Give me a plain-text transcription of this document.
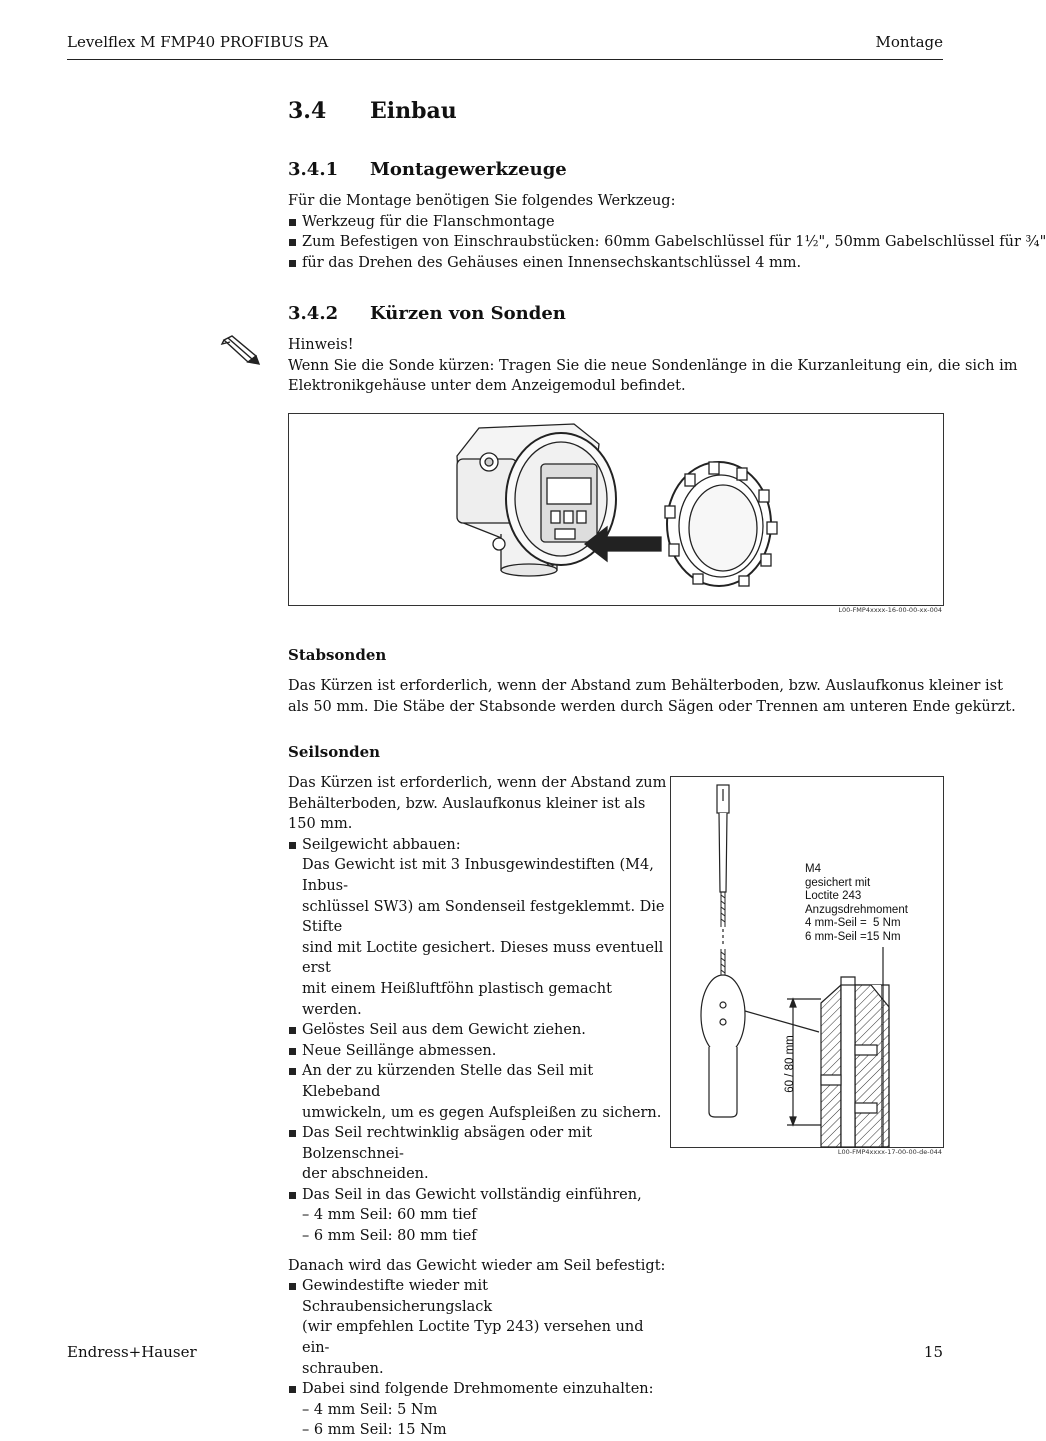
Levelflex M FMP40 PROFIBUS PA	Montage
3.4 Einbau
3.4.1 Montagewerkzeuge
Für die Montage benötigen Sie folgendes Werkzeug:
Werkzeug für die Flanschmontage
Zum Befestigen von Einschraubstücken: 60mm Gabelschlüssel für 1½", 50mm Gabelschlüssel für ¾"
für das Drehen des Gehäuses einen Innensechskantschlüssel 4 mm.
3.4.2 Kürzen von Sonden
Hinweis!
Wenn Sie die Sonde kürzen: Tragen Sie die neue Sondenlänge in die Kurzanleitung ein, die sich im
Elektronikgehäuse unter dem Anzeigemodul befindet.
L00-FMP4xxxx-16-00-00-xx-004
Stabsonden
Das Kürzen ist erforderlich, wenn der Abstand zum Behälterboden, bzw. Auslaufkonus kleiner ist
als 50 mm. Die Stäbe der Stabsonde werden durch Sägen oder Trennen am unteren Ende gekürzt.
Seilsonden
Das Kürzen ist erforderlich, wenn der Abstand zum
Behälterboden, bzw. Auslaufkonus kleiner ist als
150 mm.
Seilgewicht abbauen:
Das Gewicht ist mit 3 Inbusgewindestiften (M4, Inbus-
schlüssel SW3) am Sondenseil festgeklemmt. Die Stifte
sind mit Loctite gesichert. Dieses muss eventuell erst
mit einem Heißluftföhn plastisch gemacht werden.
Gelöstes Seil aus dem Gewicht ziehen.
Neue Seillänge abmessen.
An der zu kürzenden Stelle das Seil mit Klebeband
umwickeln, um es gegen Aufspleißen zu sichern.
Das Seil rechtwinklig absägen oder mit Bolzenschnei-
der abschneiden.
Das Seil in das Gewicht vollständig einführen,
– 4 mm Seil: 60 mm tief
– 6 mm Seil: 80 mm tief
Danach wird das Gewicht wieder am Seil befestigt:
Gewindestifte wieder mit Schraubensicherungslack
(wir empfehlen Loctite Typ 243) versehen und ein-
schrauben.
Dabei sind folgende Drehmomente einzuhalten:
– 4 mm Seil: 5 Nm
– 6 mm Seil: 15 Nm
M4
gesichert mit
Loctite 243
Anzugsdrehmoment
4 mm-Seil =  5 Nm
6 mm-Seil =15 Nm
60 / 80 mm
L00-FMP4xxxx-17-00-00-de-044
Endress+Hauser	15
